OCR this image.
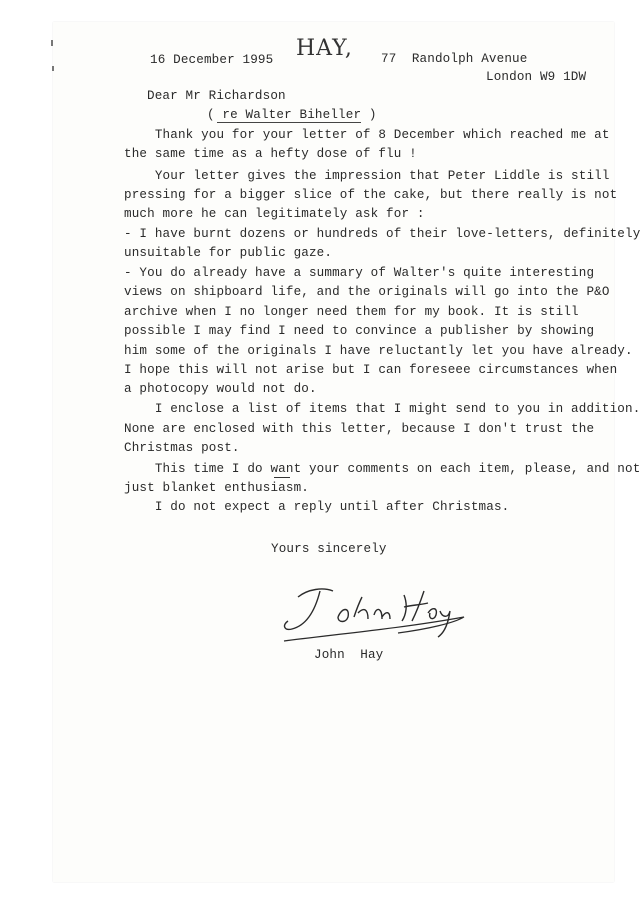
16 December 1995 HAY, 77  Randolph Avenue
London W9 1DW
Dear Mr Richardson
( re Walter Biheller )
Thank you for your letter of 8 December which reached me at
the same time as a hefty dose of flu !
Your letter gives the impression that Peter Liddle is still
pressing for a bigger slice of the cake, but there really is not
much more he can legitimately ask for :
- I have burnt dozens or hundreds of their love-letters, definitely
unsuitable for public gaze.
- You do already have a summary of Walter's quite interesting
views on shipboard life, and the originals will go into the P&O
archive when I no longer need them for my book. It is still
possible I may find I need to convince a publisher by showing
him some of the originals I have reluctantly let you have already.
I hope this will not arise but I can foreseee circumstances when
a photocopy would not do.
I enclose a list of items that I might send to you in addition.
None are enclosed with this letter, because I don't trust the
Christmas post.
This time I do want your comments on each item, please, and not
just blanket enthusiasm.
I do not expect a reply until after Christmas.
Yours sincerely
John  Hay
